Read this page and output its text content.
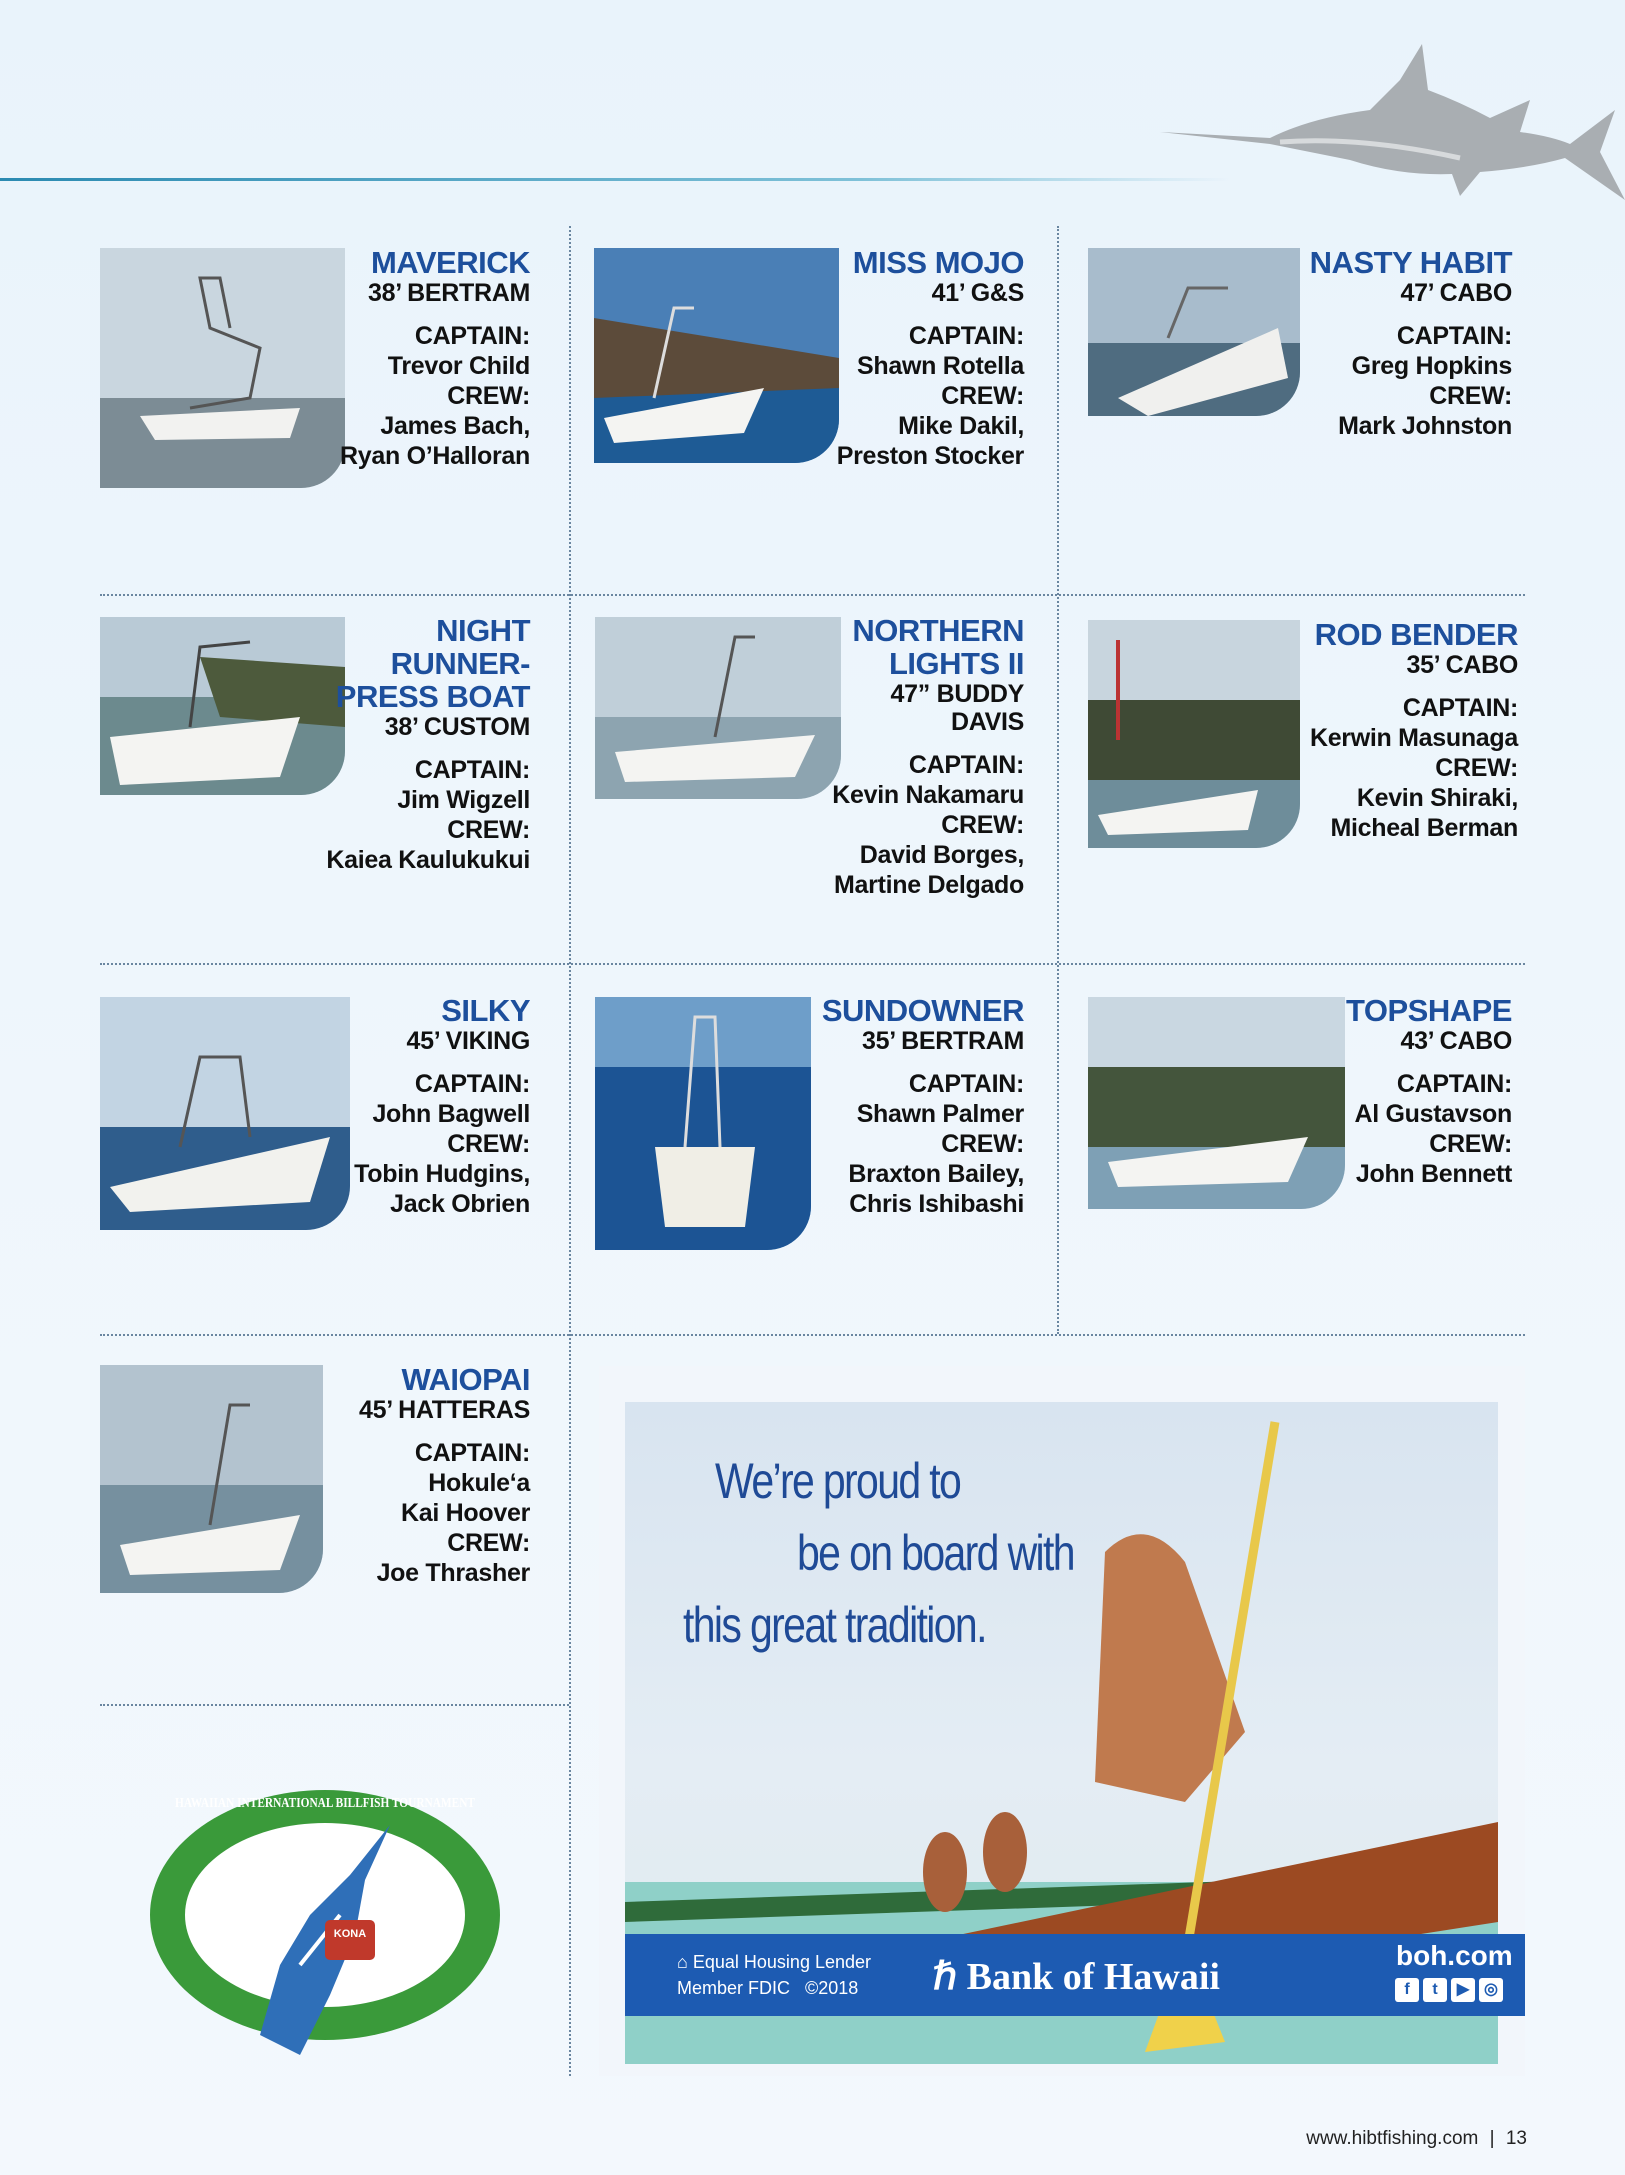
MAVERICK
38’ BERTRAM
CAPTAIN:
Trevor Child
CREW:
James Bach,
Ryan O’Halloran
MISS MOJO
41’ G&S
CAPTAIN:
Shawn Rotella
CREW:
Mike Dakil,
Preston Stocker
NASTY HABIT
47’ CABO
CAPTAIN:
Greg Hopkins
CREW:
Mark Johnston
NIGHT
RUNNER-
PRESS BOAT
38’ CUSTOM
CAPTAIN:
Jim Wigzell
CREW:
Kaiea Kaulukukui
NORTHERN
LIGHTS II
47” BUDDY
DAVIS
CAPTAIN:
Kevin Nakamaru
CREW:
David Borges,
Martine Delgado
ROD BENDER
35’ CABO
CAPTAIN:
Kerwin Masunaga
CREW:
Kevin Shiraki,
Micheal Berman
SILKY
45’ VIKING
CAPTAIN:
John Bagwell
CREW:
Tobin Hudgins,
Jack Obrien
SUNDOWNER
35’ BERTRAM
CAPTAIN:
Shawn Palmer
CREW:
Braxton Bailey,
Chris Ishibashi
TOPSHAPE
43’ CABO
CAPTAIN:
Al Gustavson
CREW:
John Bennett
WAIOPAI
45’ HATTERAS
CAPTAIN:
Hokule‘a
Kai Hoover
CREW:
Joe Thrasher
KONA
HAWAIIAN INTERNATIONAL BILLFISH TOURNAMENT
We’re proud to
be on board with
this great tradition.
⌂ Equal Housing Lender
Member FDIC   ©2018 ℏ Bank of Hawaii
boh.com
f	t	▶ ◎
www.hibtfishing.com | 13
